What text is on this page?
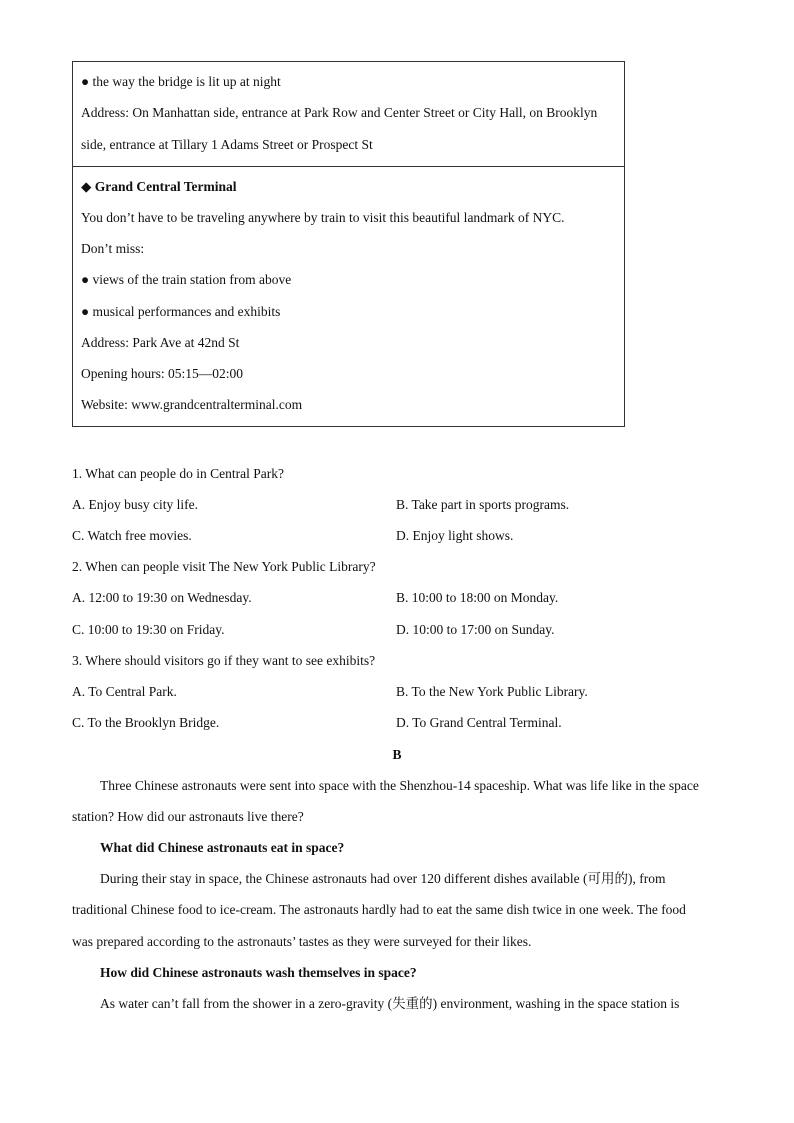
● the way the bridge is lit up at night
Address: On Manhattan side, entrance at Park Row and Center Street or City Hall, on Brooklyn
side, entrance at Tillary 1 Adams Street or Prospect St
◆ Grand Central Terminal
You don’t have to be traveling anywhere by train to visit this beautiful landmark of NYC.
Don’t miss:
● views of the train station from above
● musical performances and exhibits
Address: Park Ave at 42nd St
Opening hours: 05:15—02:00
Website: www.grandcentralterminal.com
1. What can people do in Central Park?
A. Enjoy busy city life.	B. Take part in sports programs.
C. Watch free movies.	D. Enjoy light shows.
2. When can people visit The New York Public Library?
A. 12:00 to 19:30 on Wednesday.	B. 10:00 to 18:00 on Monday.
C. 10:00 to 19:30 on Friday.	D. 10:00 to 17:00 on Sunday.
3. Where should visitors go if they want to see exhibits?
A. To Central Park.	B. To the New York Public Library.
C. To the Brooklyn Bridge.	D. To Grand Central Terminal.
B
Three Chinese astronauts were sent into space with the Shenzhou-14 spaceship. What was life like in the space
station? How did our astronauts live there?
What did Chinese astronauts eat in space?
During their stay in space, the Chinese astronauts had over 120 different dishes available (可用的), from
traditional Chinese food to ice-cream. The astronauts hardly had to eat the same dish twice in one week. The food
was prepared according to the astronauts’ tastes as they were surveyed for their likes.
How did Chinese astronauts wash themselves in space?
As water can’t fall from the shower in a zero-gravity (失重的) environment, washing in the space station is
